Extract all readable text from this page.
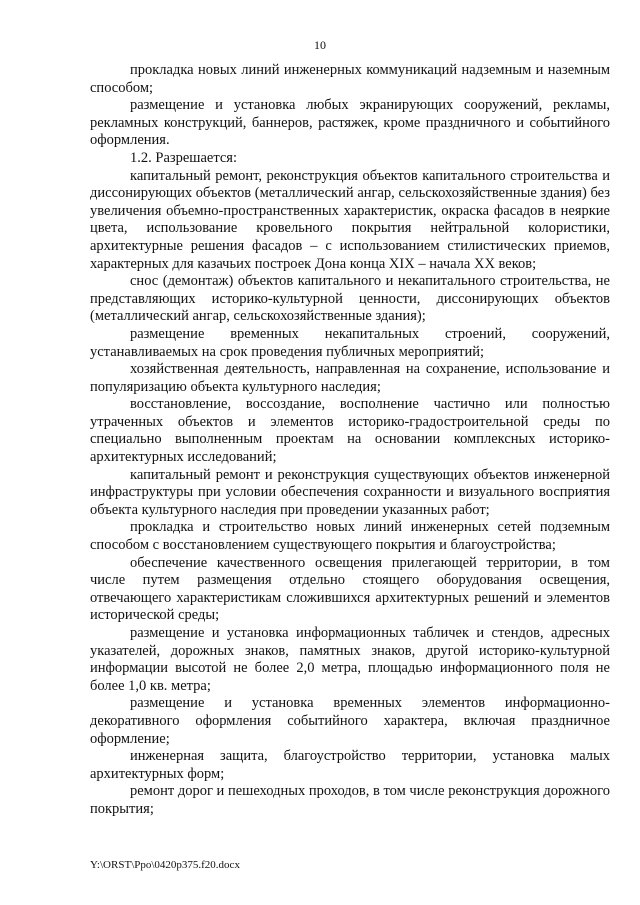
10

прокладка новых линий инженерных коммуникаций надземным и наземным способом;

размещение и установка любых экранирующих сооружений, рекламы, рекламных конструкций, баннеров, растяжек, кроме праздничного и событийного оформления.

1.2. Разрешается:

капитальный ремонт, реконструкция объектов капитального строительства и диссонирующих объектов (металлический ангар, сельскохозяйственные здания) без увеличения объемно-пространственных характеристик, окраска фасадов в неяркие цвета, использование кровельного покрытия нейтральной колористики, архитектурные решения фасадов – с использованием стилистических приемов, характерных для казачьих построек Дона конца XIX – начала XX веков;

снос (демонтаж) объектов капитального и некапитального строительства, не представляющих историко-культурной ценности, диссонирующих объектов (металлический ангар, сельскохозяйственные здания);

размещение временных некапитальных строений, сооружений, устанавливаемых на срок проведения публичных мероприятий;

хозяйственная деятельность, направленная на сохранение, использование и популяризацию объекта культурного наследия;

восстановление, воссоздание, восполнение частично или полностью утраченных объектов и элементов историко-градостроительной среды по специально выполненным проектам на основании комплексных историко-архитектурных исследований;

капитальный ремонт и реконструкция существующих объектов инженерной инфраструктуры при условии обеспечения сохранности и визуального восприятия объекта культурного наследия при проведении указанных работ;

прокладка и строительство новых линий инженерных сетей подземным способом с восстановлением существующего покрытия и благоустройства;

обеспечение качественного освещения прилегающей территории, в том числе путем размещения отдельно стоящего оборудования освещения, отвечающего характеристикам сложившихся архитектурных решений и элементов исторической среды;

размещение и установка информационных табличек и стендов, адресных указателей, дорожных знаков, памятных знаков, другой историко-культурной информации высотой не более 2,0 метра, площадью информационного поля не более 1,0 кв. метра;

размещение и установка временных элементов информационно-декоративного оформления событийного характера, включая праздничное оформление;

инженерная защита, благоустройство территории, установка малых архитектурных форм;

ремонт дорог и пешеходных проходов, в том числе реконструкция дорожного покрытия;

Y:\ORST\Ppo\0420p375.f20.docx
